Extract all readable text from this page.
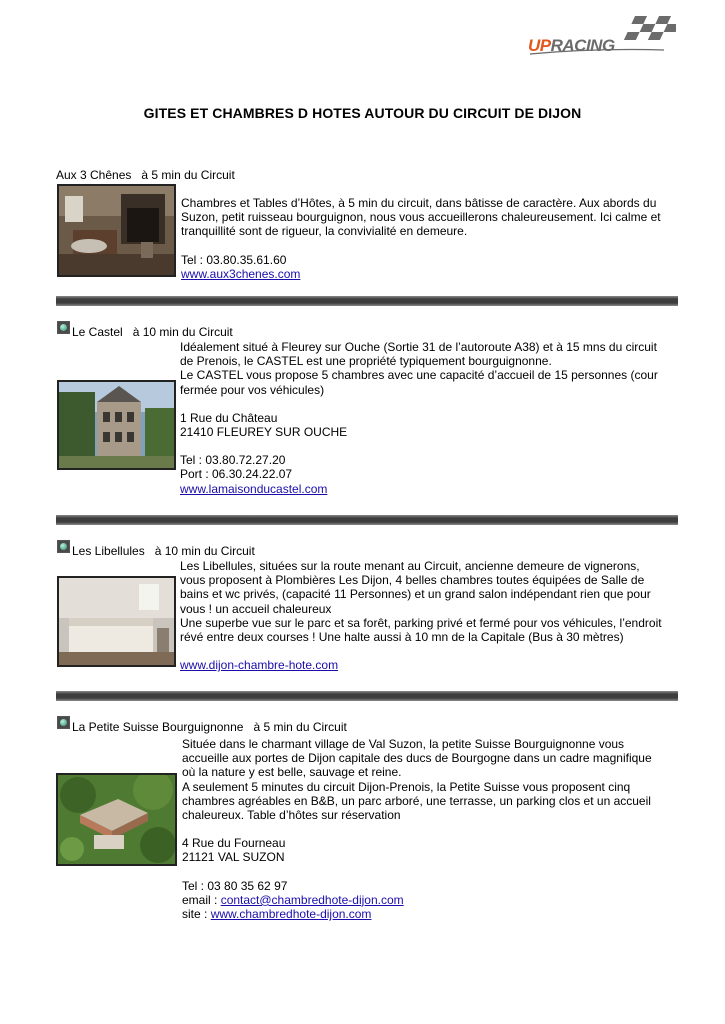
UPRACING
GITES ET CHAMBRES D HOTES AUTOUR DU CIRCUIT DE DIJON
Aux 3 Chênes à 5 min du Circuit

Chambres et Tables d’Hôtes, à 5 min du circuit, dans bâtisse de caractère. Aux abords du

Suzon, petit ruisseau bourguignon, nous vous accueillerons chaleureusement. Ici calme et

tranquillité sont de rigueur, la convivialité en demeure.

Tel : 03.80.35.61.60

www.aux3chenes.com

Le Castel à 10 min du Circuit

Idéalement situé à Fleurey sur Ouche (Sortie 31 de l’autoroute A38) et à 15 mns du circuit

de Prenois, le CASTEL est une propriété typiquement bourguignonne.

Le CASTEL vous propose 5 chambres avec une capacité d’accueil de 15 personnes (cour

fermée pour vos véhicules)

1 Rue du Château

21410 FLEUREY SUR OUCHE

Tel : 03.80.72.27.20

Port : 06.30.24.22.07

www.lamaisonducastel.com

Les Libellules à 10 min du Circuit

Les Libellules, situées sur la route menant au Circuit, ancienne demeure de vignerons,

vous proposent à Plombières Les Dijon, 4 belles chambres toutes équipées de Salle de

bains et wc privés, (capacité 11 Personnes) et un grand salon indépendant rien que pour

vous ! un accueil chaleureux

Une superbe vue sur le parc et sa forêt, parking privé et fermé pour vos véhicules, l’endroit

révé entre deux courses ! Une halte aussi à 10 mn de la Capitale (Bus à 30 mètres)

www.dijon-chambre-hote.com

La Petite Suisse Bourguignonne à 5 min du Circuit

Située dans le charmant village de Val Suzon, la petite Suisse Bourguignonne vous

accueille aux portes de Dijon capitale des ducs de Bourgogne dans un cadre magnifique

où la nature y est belle, sauvage et reine.

A seulement 5 minutes du circuit Dijon-Prenois, la Petite Suisse vous proposent cinq

chambres agréables en B&B, un parc arboré, une terrasse, un parking clos et un accueil

chaleureux. Table d’hôtes sur réservation

4 Rue du Fourneau

21121 VAL SUZON

Tel : 03 80 35 62 97

email : contact@chambredhote-dijon.com

site : www.chambredhote-dijon.com
